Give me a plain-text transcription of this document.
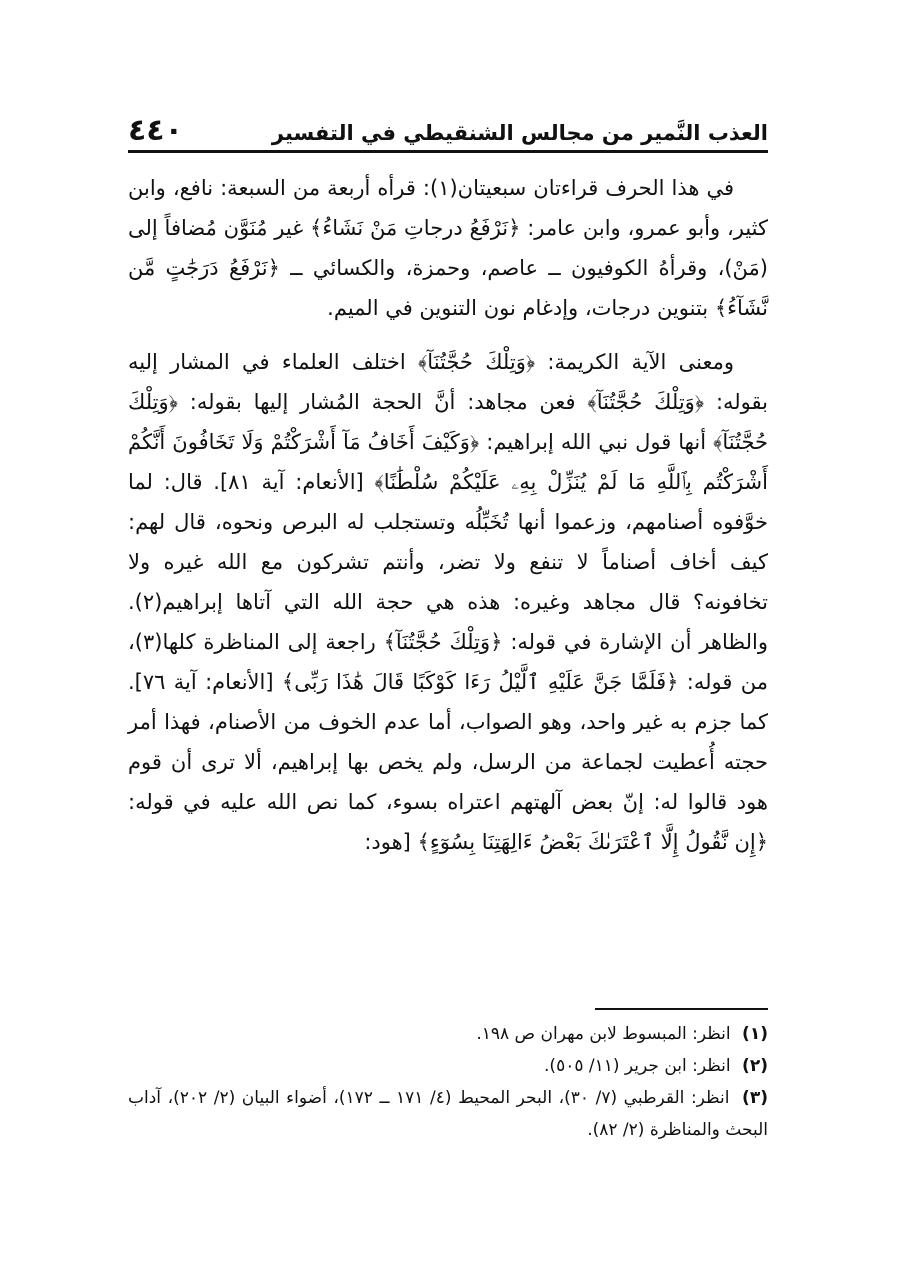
العذب النَّمير من مجالس الشنقيطي في التفسير
٤٤٠

في هذا الحرف قراءتان سبعيتان(١): قرأه أربعة من السبعة: نافع، وابن كثير، وأبو عمرو، وابن عامر: ﴿نَرْفَعُ درجاتِ مَنْ نَشَاءُ﴾ غير مُنَوَّن مُضافاً إلى (مَنْ)، وقرأهُ الكوفيون ــ عاصم، وحمزة، والكسائي ــ ﴿نَرْفَعُ دَرَجَٰتٍ مَّن نَّشَآءُ﴾ بتنوين درجات، وإدغام نون التنوين في الميم.

ومعنى الآية الكريمة: ﴿وَتِلْكَ حُجَّتُنَآ﴾ اختلف العلماء في المشار إليه بقوله: ﴿وَتِلْكَ حُجَّتُنَآ﴾ فعن مجاهد: أنَّ الحجة المُشار إليها بقوله: ﴿وَتِلْكَ حُجَّتُنَآ﴾ أنها قول نبي الله إبراهيم: ﴿وَكَيْفَ أَخَافُ مَآ أَشْرَكْتُمْ وَلَا تَخَافُونَ أَنَّكُمْ أَشْرَكْتُم بِٱللَّهِ مَا لَمْ يُنَزِّلْ بِهِۦ عَلَيْكُمْ سُلْطَٰنًا﴾ [الأنعام: آية ٨١]. قال: لما خوَّفوه أصنامهم، وزعموا أنها تُخَبِّلُه وتستجلب له البرص ونحوه، قال لهم: كيف أخاف أصناماً لا تنفع ولا تضر، وأنتم تشركون مع الله غيره ولا تخافونه؟ قال مجاهد وغيره: هذه هي حجة الله التي آتاها إبراهيم(٢). والظاهر أن الإشارة في قوله: ﴿وَتِلْكَ حُجَّتُنَآ﴾ راجعة إلى المناظرة كلها(٣)، من قوله: ﴿فَلَمَّا جَنَّ عَلَيْهِ ٱلَّيْلُ رَءَا كَوْكَبًا قَالَ هَٰذَا رَبِّى﴾ [الأنعام: آية ٧٦]. كما جزم به غير واحد، وهو الصواب، أما عدم الخوف من الأصنام، فهذا أمر حجته أُعطيت لجماعة من الرسل، ولم يخص بها إبراهيم، ألا ترى أن قوم هود قالوا له: إنّ بعض آلهتهم اعتراه بسوء، كما نص الله عليه في قوله: ﴿إِن نَّقُولُ إِلَّا ٱعْتَرَىٰكَ بَعْضُ ءَالِهَتِنَا بِسُوٓءٍ﴾ [هود:

(١) انظر: المبسوط لابن مهران ص ١٩٨.

(٢) انظر: ابن جرير (١١/ ٥٠٥).

(٣) انظر: القرطبي (٧/ ٣٠)، البحر المحيط (٤/ ١٧١ ــ ١٧٢)، أضواء البيان (٢/ ٢٠٢)، آداب البحث والمناظرة (٢/ ٨٢).
